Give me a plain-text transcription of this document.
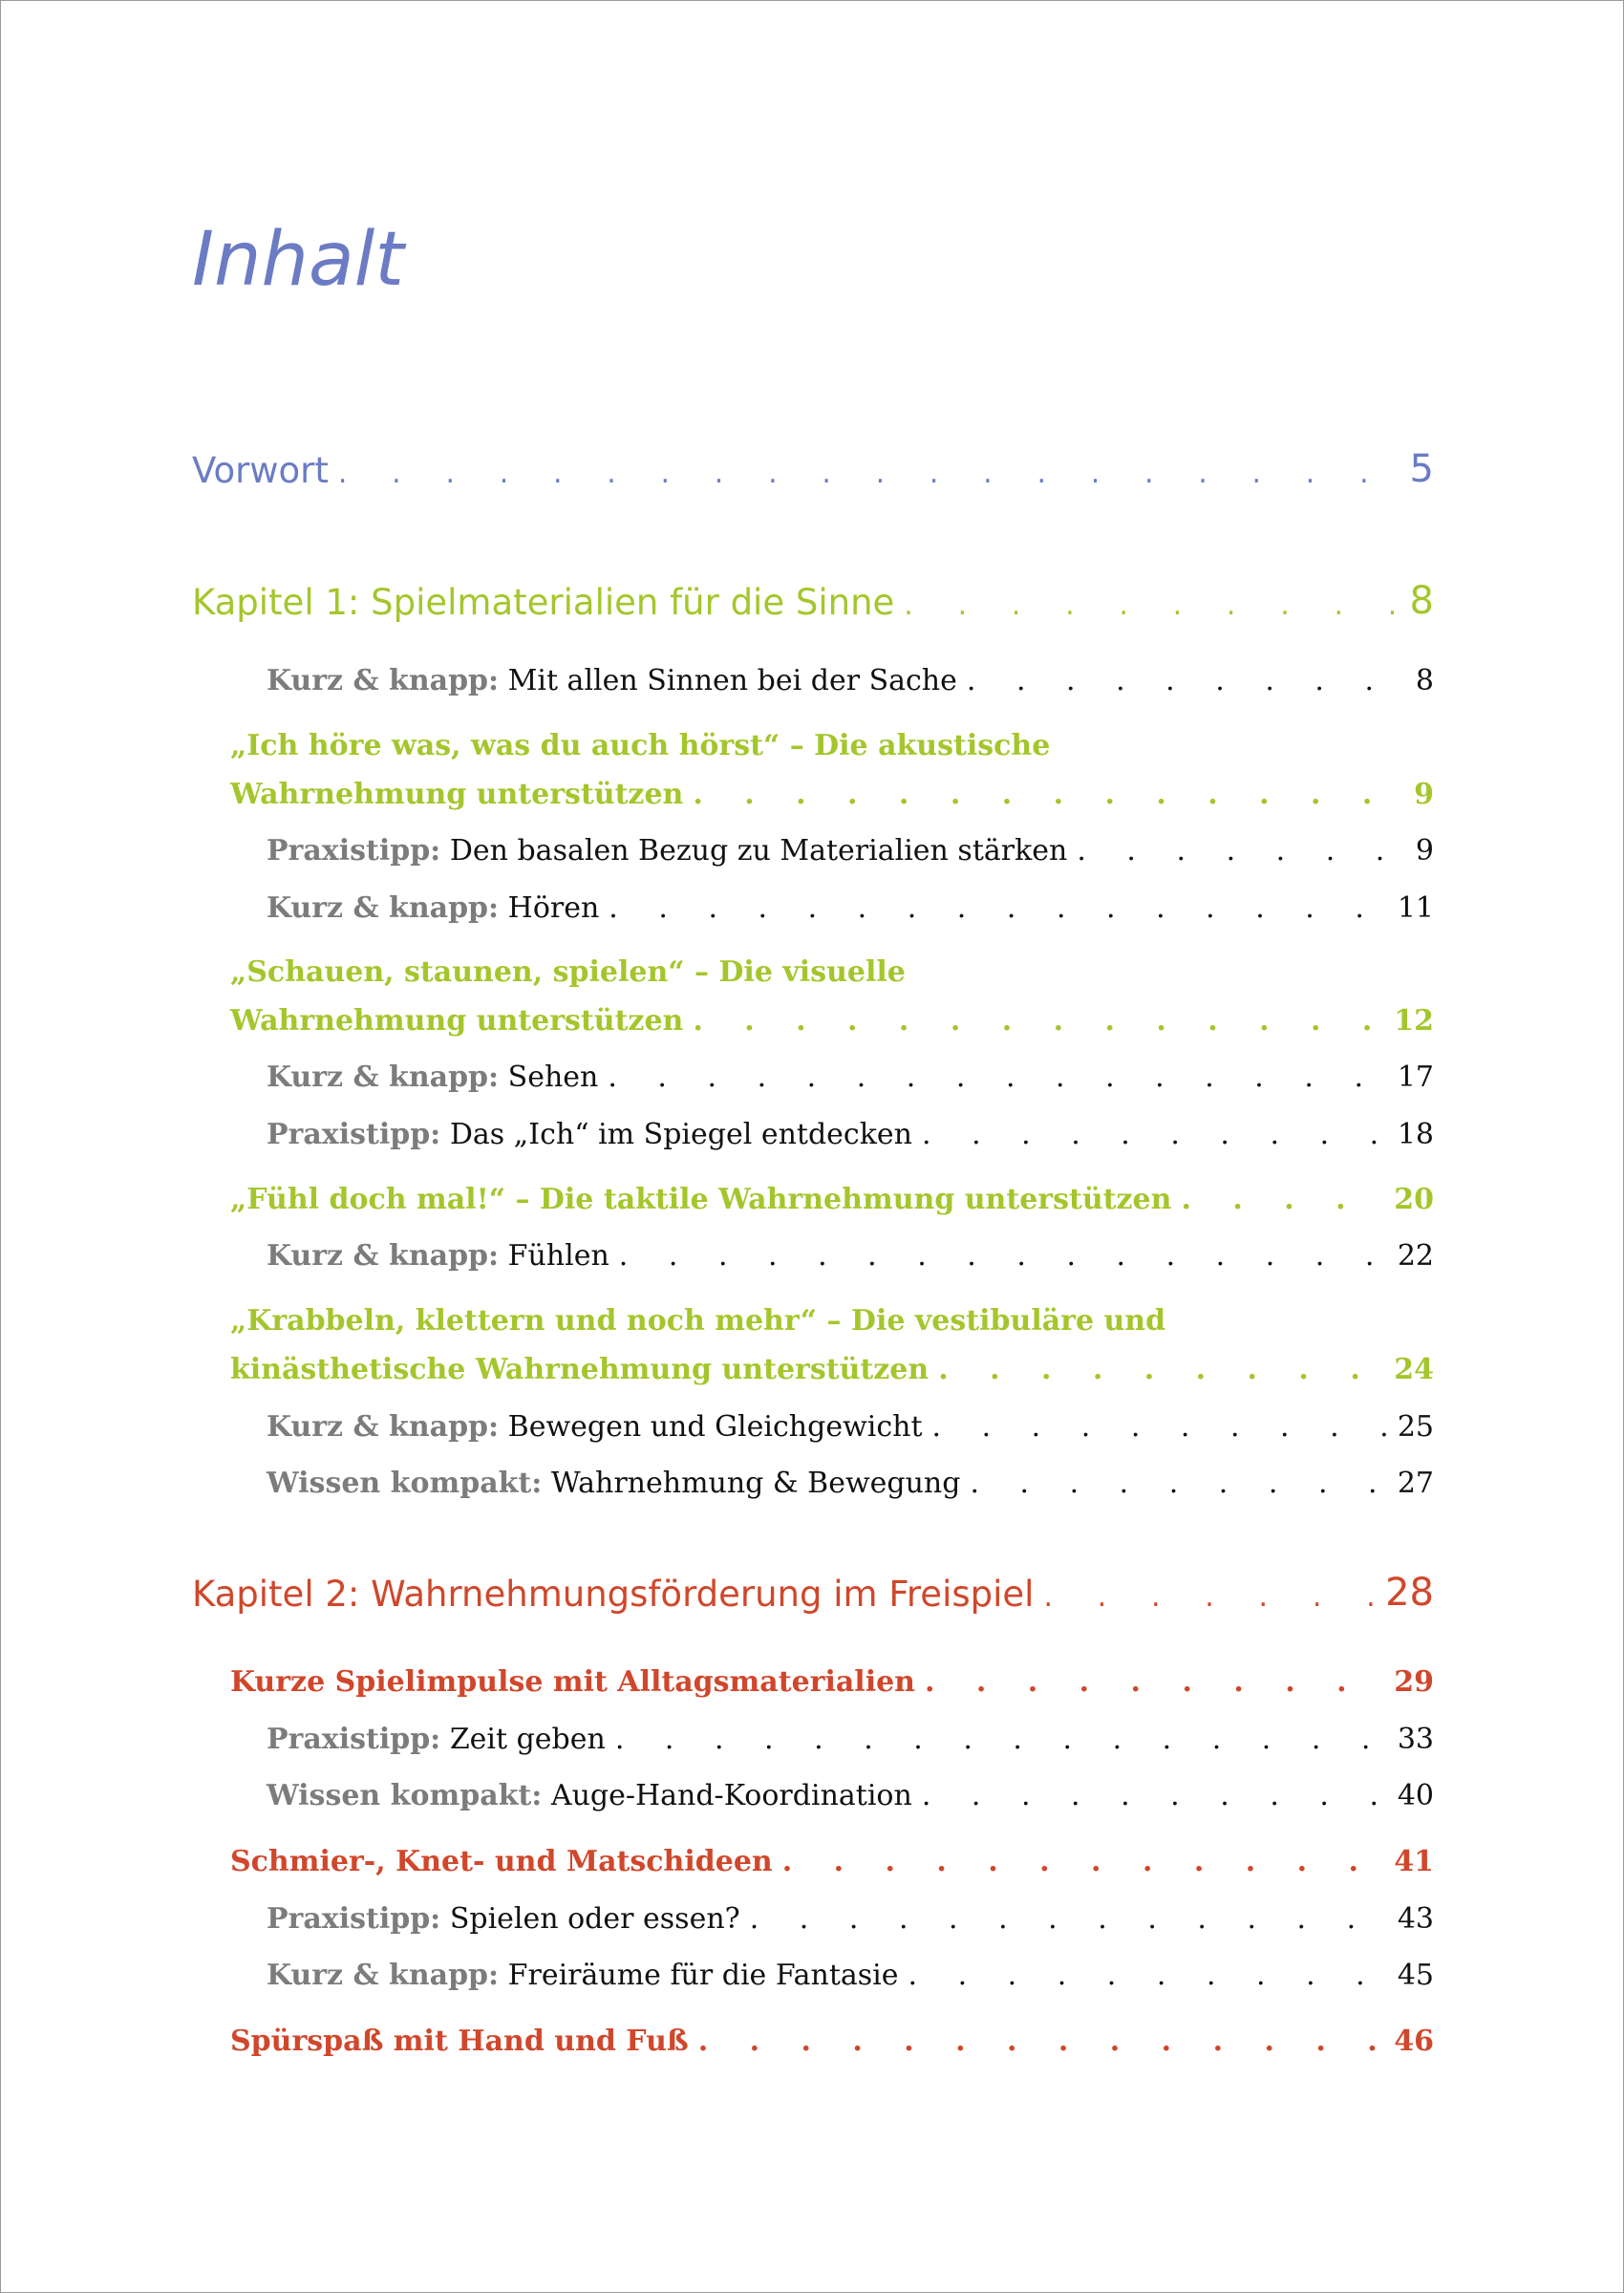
Inhalt
Vorwort . . .	5
Kapitel 1: Spielmaterialien für die Sinne . . .	8
Kurz & knapp: Mit allen Sinnen bei der Sache . . .	8
„Ich höre was, was du auch hörst“ – Die akustische
Wahrnehmung unterstützen . . .	9
Praxistipp: Den basalen Bezug zu Materialien stärken . . .	9
Kurz & knapp: Hören . . .	11
„Schauen, staunen, spielen“ – Die visuelle
Wahrnehmung unterstützen . . .	12
Kurz & knapp: Sehen . . .	17
Praxistipp: Das „Ich“ im Spiegel entdecken . . .	18
„Fühl doch mal!“ – Die taktile Wahrnehmung unterstützen . . .	20
Kurz & knapp: Fühlen . . .	22
„Krabbeln, klettern und noch mehr“ – Die vestibuläre und
kinästhetische Wahrnehmung unterstützen . . .	24
Kurz & knapp: Bewegen und Gleichgewicht . . .	25
Wissen kompakt: Wahrnehmung & Bewegung . . .	27
Kapitel 2: Wahrnehmungsförderung im Freispiel . . .	28
Kurze Spielimpulse mit Alltagsmaterialien . . .	29
Praxistipp: Zeit geben . . .	33
Wissen kompakt: Auge-Hand-Koordination . . .	40
Schmier-, Knet- und Matschideen . . .	41
Praxistipp: Spielen oder essen? . . .	43
Kurz & knapp: Freiräume für die Fantasie . . .	45
Spürspaß mit Hand und Fuß . . .	46
